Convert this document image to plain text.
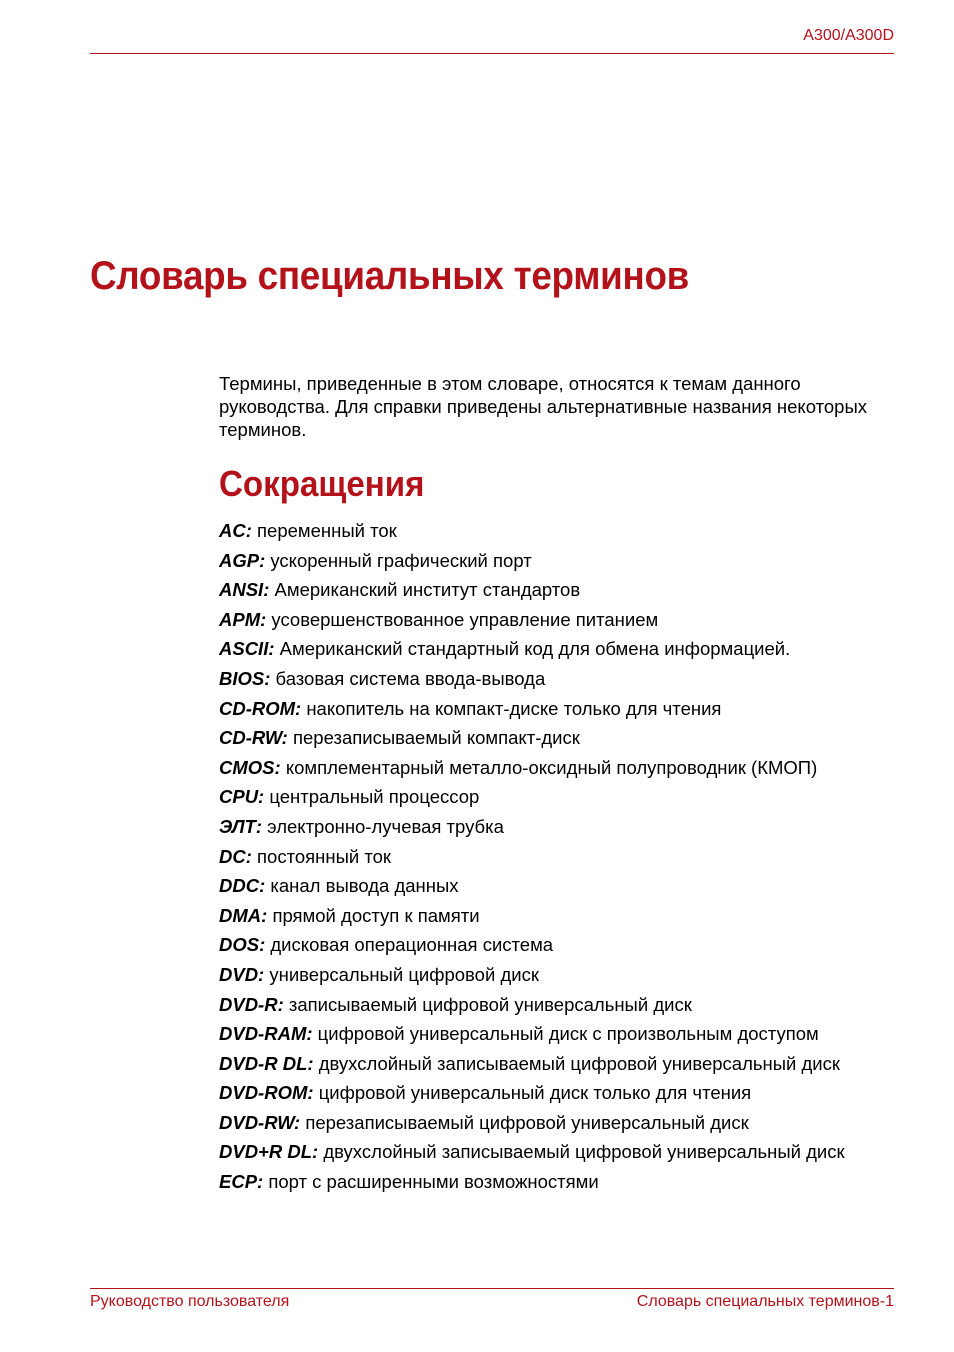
A300/A300D
Словарь специальных терминов

Термины, приведенные в этом словаре, относятся к темам данного руководства. Для справки приведены альтернативные названия некоторых терминов.

Сокращения
AC: переменный ток
AGP: ускоренный графический порт
ANSI: Американский институт стандартов
APM: усовершенствованное управление питанием
ASCII: Американский стандартный код для обмена информацией.
BIOS: базовая система ввода-вывода
CD-ROM: накопитель на компакт-диске только для чтения
CD-RW: перезаписываемый компакт-диск
CMOS: комплементарный металло-оксидный полупроводник (КМОП)
CPU: центральный процессор
ЭЛТ: электронно-лучевая трубка
DC: постоянный ток
DDC: канал вывода данных
DMA: прямой доступ к памяти
DOS: дисковая операционная система
DVD: универсальный цифровой диск
DVD-R: записываемый цифровой универсальный диск
DVD-RAM: цифровой универсальный диск с произвольным доступом
DVD-R DL: двухслойный записываемый цифровой универсальный диск
DVD-ROM: цифровой универсальный диск только для чтения
DVD-RW: перезаписываемый цифровой универсальный диск
DVD+R DL: двухслойный записываемый цифровой универсальный диск
ECP: порт с расширенными возможностями
Руководство пользователя	Словарь специальных терминов-1
